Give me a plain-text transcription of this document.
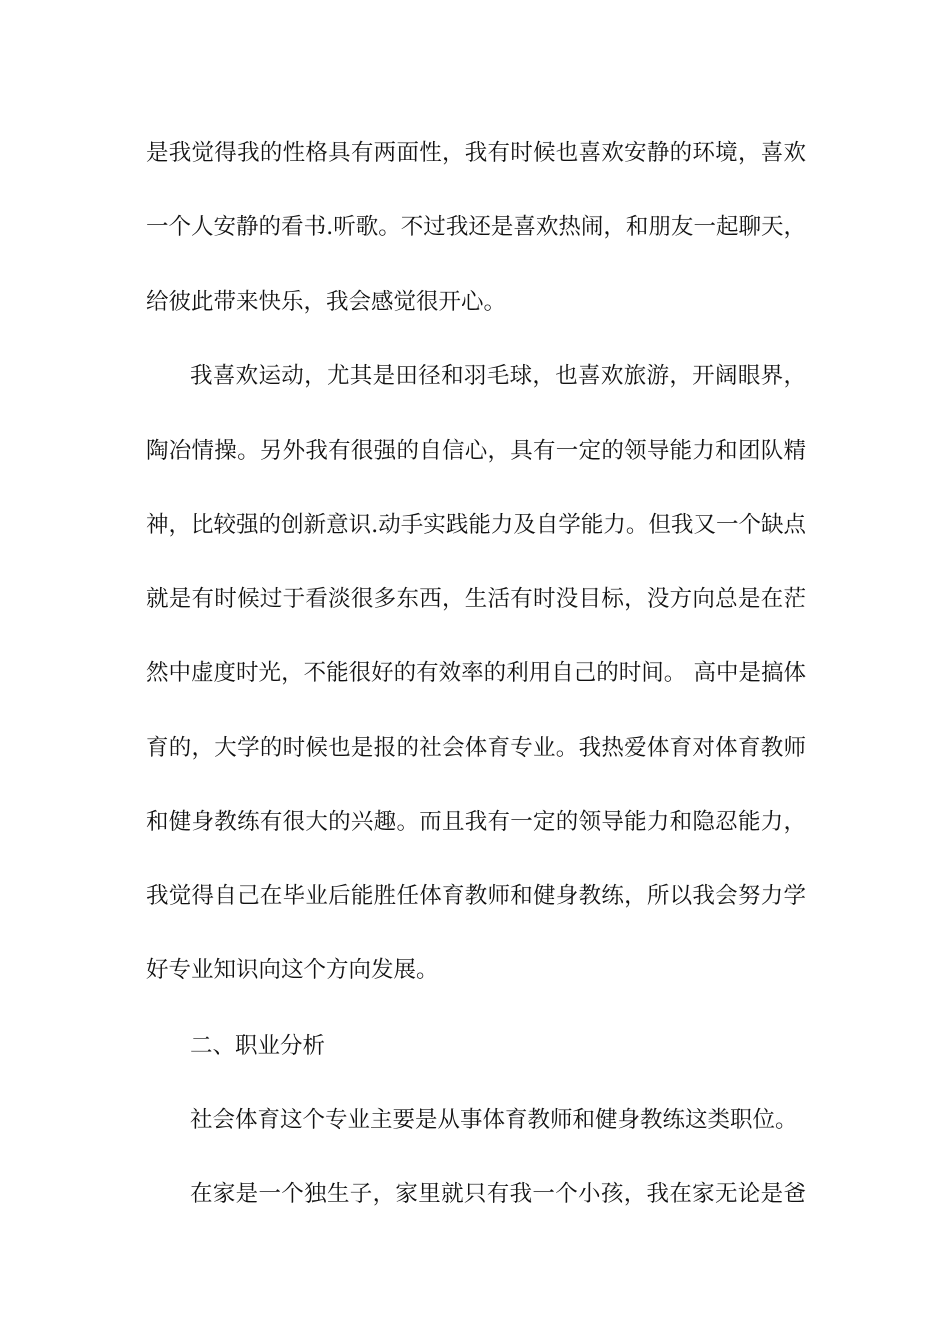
是我觉得我的性格具有两面性，我有时候也喜欢安静的环境，喜欢
一个人安静的看书.听歌。不过我还是喜欢热闹，和朋友一起聊天，
给彼此带来快乐，我会感觉很开心。
我喜欢运动，尤其是田径和羽毛球，也喜欢旅游，开阔眼界，
陶冶情操。另外我有很强的自信心，具有一定的领导能力和团队精
神，比较强的创新意识.动手实践能力及自学能力。但我又一个缺点
就是有时候过于看淡很多东西，生活有时没目标，没方向总是在茫
然中虚度时光，不能很好的有效率的利用自己的时间。 高中是搞体
育的，大学的时候也是报的社会体育专业。我热爱体育对体育教师
和健身教练有很大的兴趣。而且我有一定的领导能力和隐忍能力，
我觉得自己在毕业后能胜任体育教师和健身教练，所以我会努力学
好专业知识向这个方向发展。
二、职业分析
社会体育这个专业主要是从事体育教师和健身教练这类职位。
在家是一个独生子，家里就只有我一个小孩，我在家无论是爸
